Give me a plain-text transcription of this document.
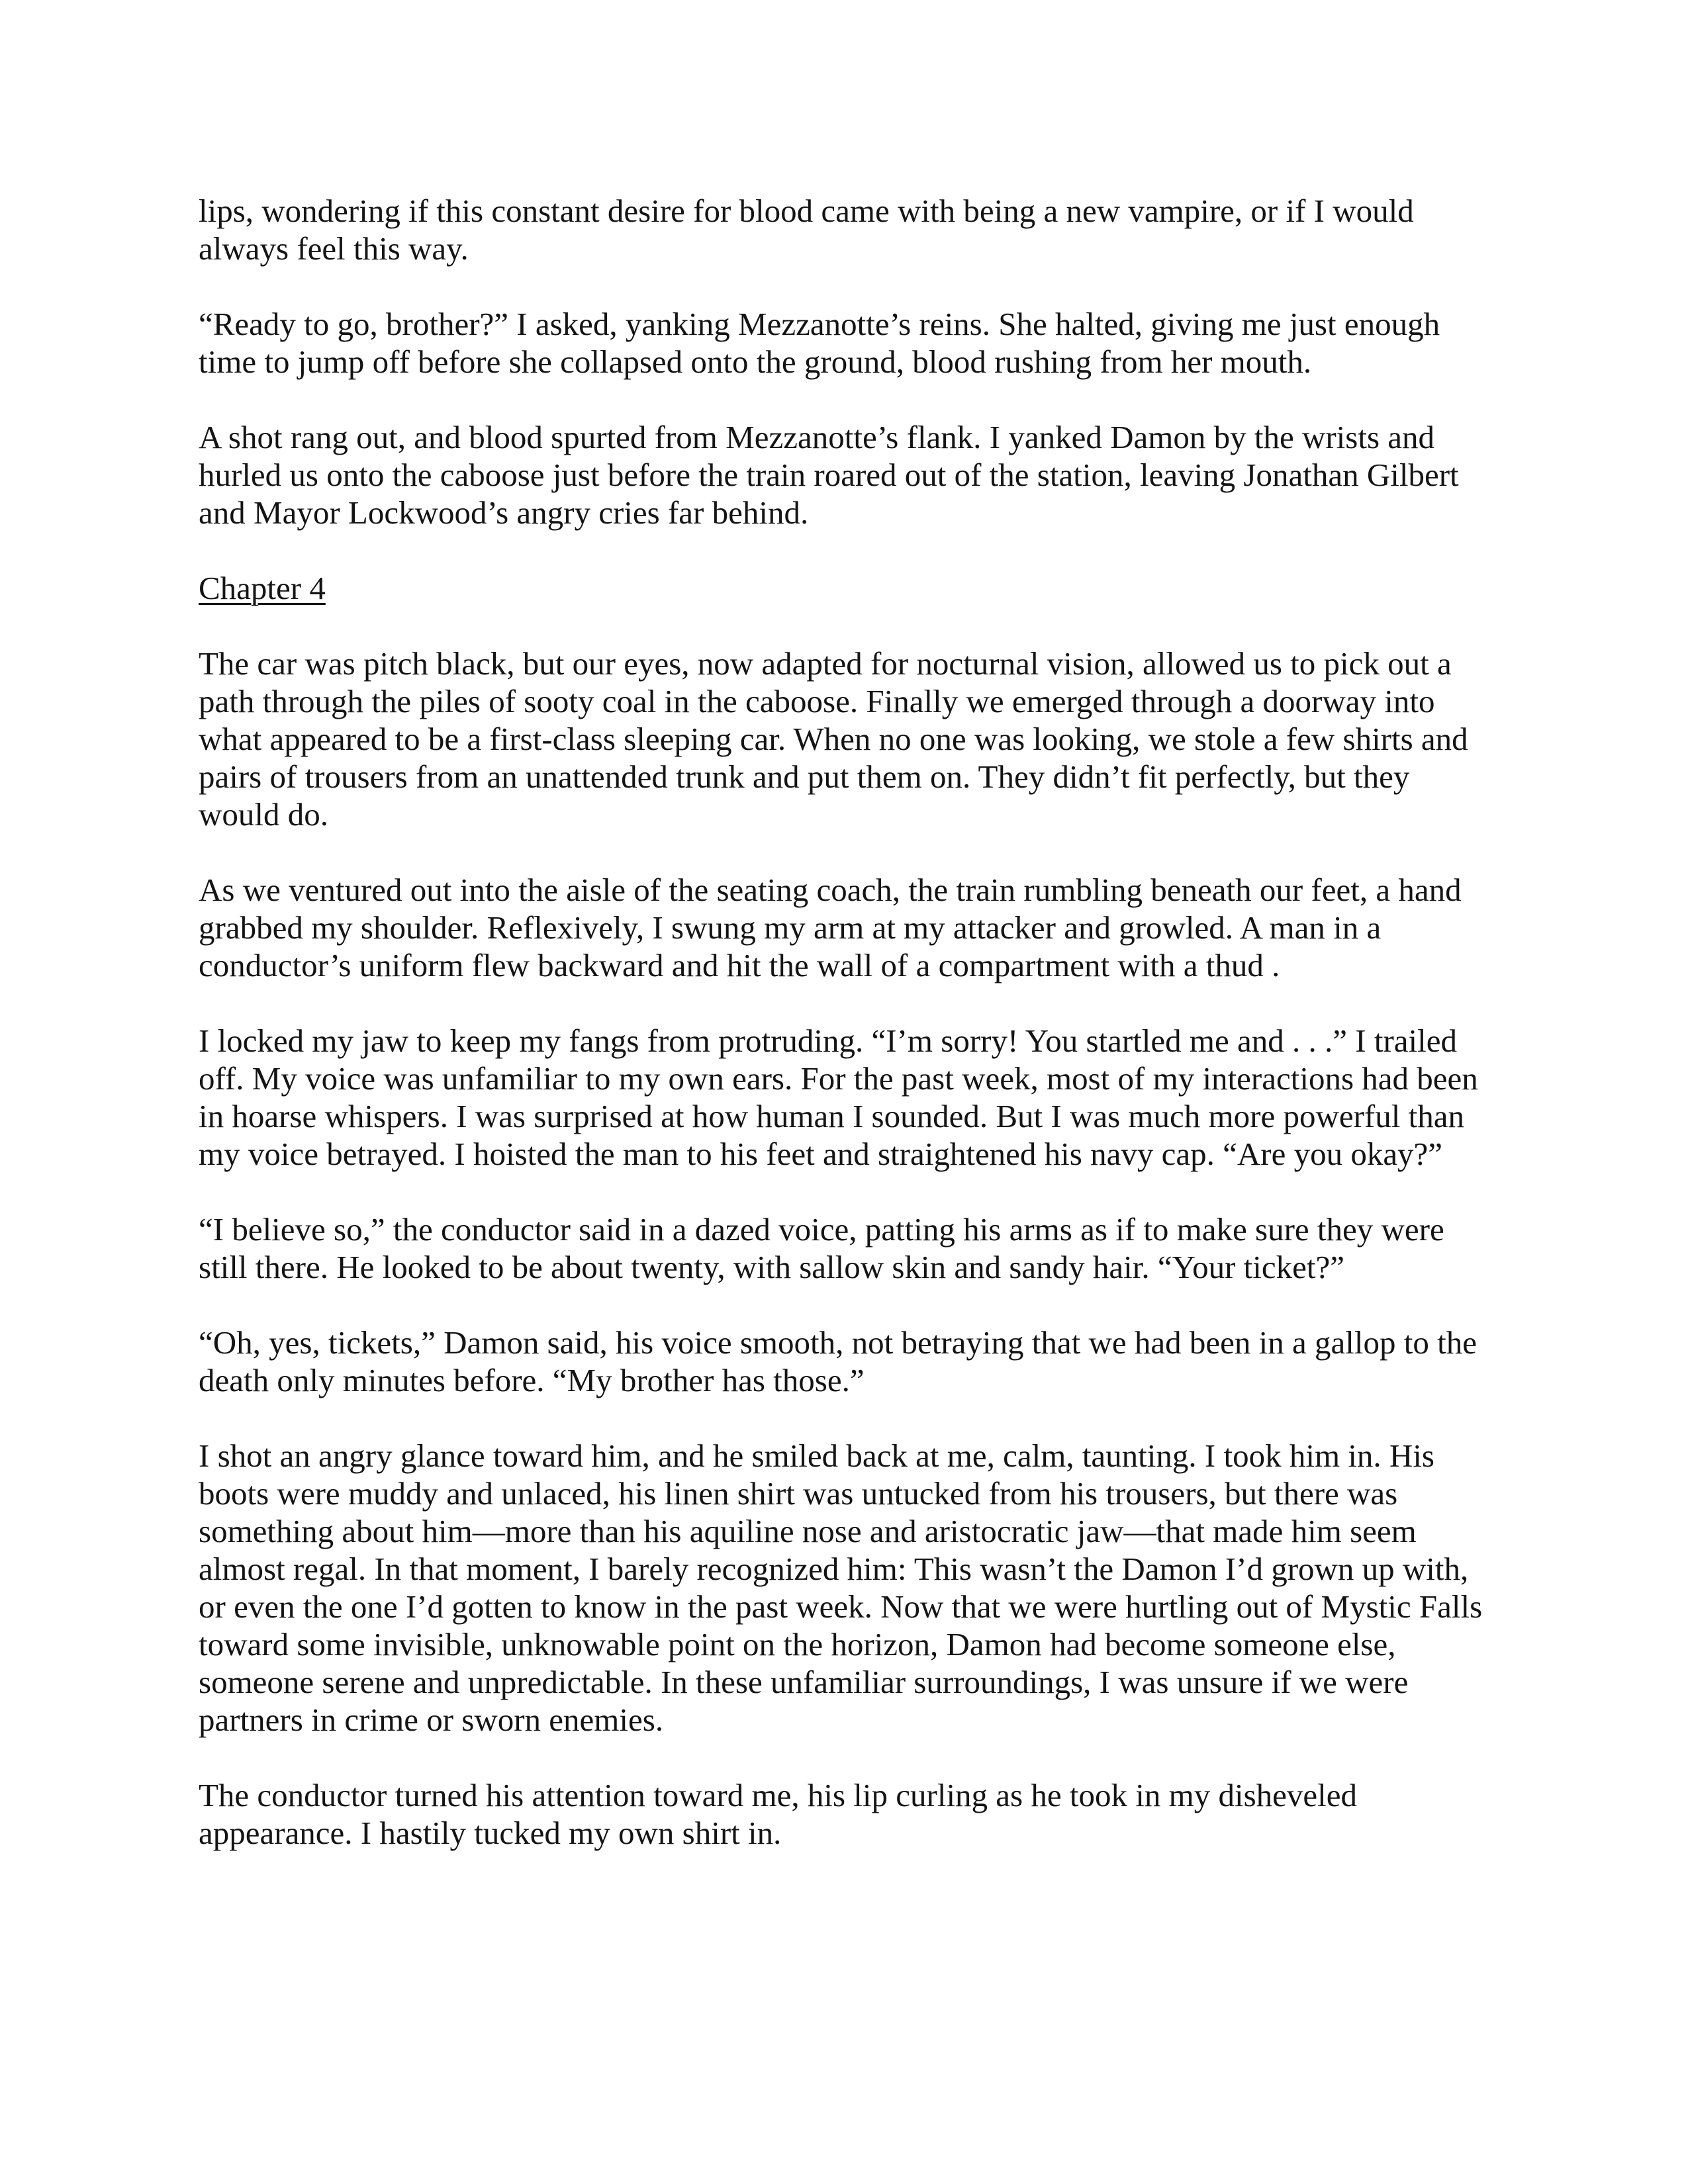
lips, wondering if this constant desire for blood came with being a new vampire, or if I would always feel this way.

“Ready to go, brother?” I asked, yanking Mezzanotte’s reins. She halted, giving me just enough time to jump off before she collapsed onto the ground, blood rushing from her mouth.

A shot rang out, and blood spurted from Mezzanotte’s flank. I yanked Damon by the wrists and hurled us onto the caboose just before the train roared out of the station, leaving Jonathan Gilbert and Mayor Lockwood’s angry cries far behind.

Chapter 4

The car was pitch black, but our eyes, now adapted for nocturnal vision, allowed us to pick out a path through the piles of sooty coal in the caboose. Finally we emerged through a doorway into what appeared to be a first-class sleeping car. When no one was looking, we stole a few shirts and pairs of trousers from an unattended trunk and put them on. They didn’t fit perfectly, but they would do.

As we ventured out into the aisle of the seating coach, the train rumbling beneath our feet, a hand grabbed my shoulder. Reflexively, I swung my arm at my attacker and growled. A man in a conductor’s uniform flew backward and hit the wall of a compartment with a thud .

I locked my jaw to keep my fangs from protruding. “I’m sorry! You startled me and . . .” I trailed off. My voice was unfamiliar to my own ears. For the past week, most of my interactions had been in hoarse whispers. I was surprised at how human I sounded. But I was much more powerful than my voice betrayed. I hoisted the man to his feet and straightened his navy cap. “Are you okay?”

“I believe so,” the conductor said in a dazed voice, patting his arms as if to make sure they were still there. He looked to be about twenty, with sallow skin and sandy hair. “Your ticket?”

“Oh, yes, tickets,” Damon said, his voice smooth, not betraying that we had been in a gallop to the death only minutes before. “My brother has those.”

I shot an angry glance toward him, and he smiled back at me, calm, taunting. I took him in. His boots were muddy and unlaced, his linen shirt was untucked from his trousers, but there was something about him—more than his aquiline nose and aristocratic jaw—that made him seem almost regal. In that moment, I barely recognized him: This wasn’t the Damon I’d grown up with, or even the one I’d gotten to know in the past week. Now that we were hurtling out of Mystic Falls toward some invisible, unknowable point on the horizon, Damon had become someone else, someone serene and unpredictable. In these unfamiliar surroundings, I was unsure if we were partners in crime or sworn enemies.

The conductor turned his attention toward me, his lip curling as he took in my disheveled appearance. I hastily tucked my own shirt in.
